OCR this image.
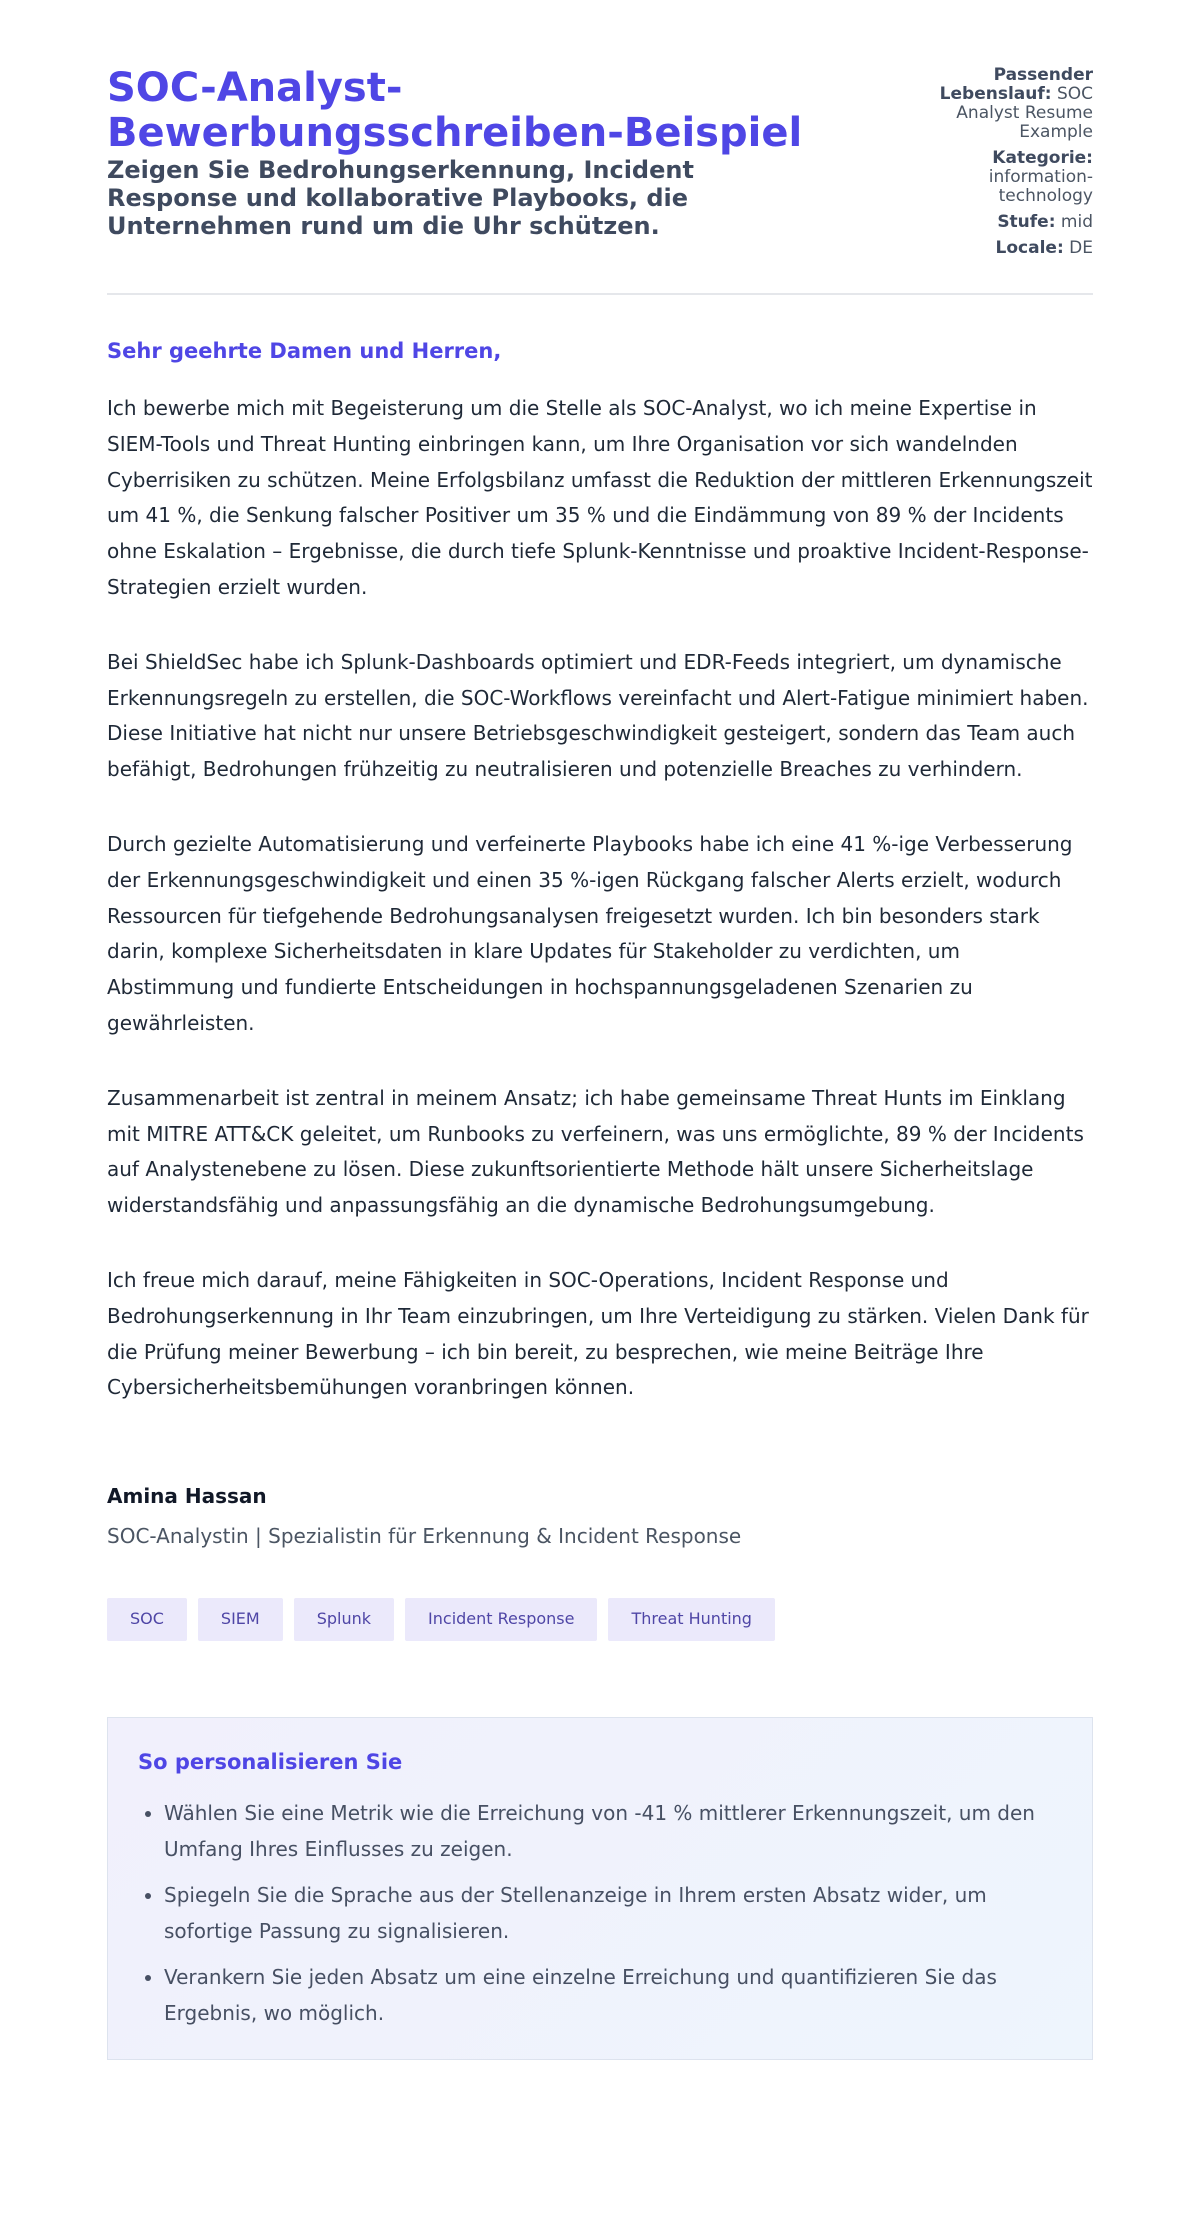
SOC-Analyst-Bewerbungsschreiben-Beispiel
Zeigen Sie Bedrohungserkennung, Incident Response und kollaborative Playbooks, die Unternehmen rund um die Uhr schützen.
Passender Lebenslauf: SOC Analyst Resume Example
Kategorie: information-technology
Stufe: mid
Locale: DE

Sehr geehrte Damen und Herren,

Ich bewerbe mich mit Begeisterung um die Stelle als SOC-Analyst, wo ich meine Expertise in SIEM-Tools und Threat Hunting einbringen kann, um Ihre Organisation vor sich wandelnden Cyberrisiken zu schützen. Meine Erfolgsbilanz umfasst die Reduktion der mittleren Erkennungszeit um 41 %, die Senkung falscher Positiver um 35 % und die Eindämmung von 89 % der Incidents ohne Eskalation – Ergebnisse, die durch tiefe Splunk-Kenntnisse und proaktive Incident-Response-Strategien erzielt wurden.

Bei ShieldSec habe ich Splunk-Dashboards optimiert und EDR-Feeds integriert, um dynamische Erkennungsregeln zu erstellen, die SOC-Workflows vereinfacht und Alert-Fatigue minimiert haben. Diese Initiative hat nicht nur unsere Betriebsgeschwindigkeit gesteigert, sondern das Team auch befähigt, Bedrohungen frühzeitig zu neutralisieren und potenzielle Breaches zu verhindern.

Durch gezielte Automatisierung und verfeinerte Playbooks habe ich eine 41 %-ige Verbesserung der Erkennungsgeschwindigkeit und einen 35 %-igen Rückgang falscher Alerts erzielt, wodurch Ressourcen für tiefgehende Bedrohungsanalysen freigesetzt wurden. Ich bin besonders stark darin, komplexe Sicherheitsdaten in klare Updates für Stakeholder zu verdichten, um Abstimmung und fundierte Entscheidungen in hochspannungsgeladenen Szenarien zu gewährleisten.

Zusammenarbeit ist zentral in meinem Ansatz; ich habe gemeinsame Threat Hunts im Einklang mit MITRE ATT&CK geleitet, um Runbooks zu verfeinern, was uns ermöglichte, 89 % der Incidents auf Analystenebene zu lösen. Diese zukunftsorientierte Methode hält unsere Sicherheitslage widerstandsfähig und anpassungsfähig an die dynamische Bedrohungsumgebung.

Ich freue mich darauf, meine Fähigkeiten in SOC-Operations, Incident Response und Bedrohungserkennung in Ihr Team einzubringen, um Ihre Verteidigung zu stärken. Vielen Dank für die Prüfung meiner Bewerbung – ich bin bereit, zu besprechen, wie meine Beiträge Ihre Cybersicherheitsbemühungen voranbringen können.

Amina Hassan
SOC-Analystin | Spezialistin für Erkennung & Incident Response
SOC	SIEM	Splunk	Incident Response	Threat Hunting
So personalisieren Sie
• Wählen Sie eine Metrik wie die Erreichung von -41 % mittlerer Erkennungszeit, um den Umfang Ihres Einflusses zu zeigen.
• Spiegeln Sie die Sprache aus der Stellenanzeige in Ihrem ersten Absatz wider, um sofortige Passung zu signalisieren.
• Verankern Sie jeden Absatz um eine einzelne Erreichung und quantifizieren Sie das Ergebnis, wo möglich.
